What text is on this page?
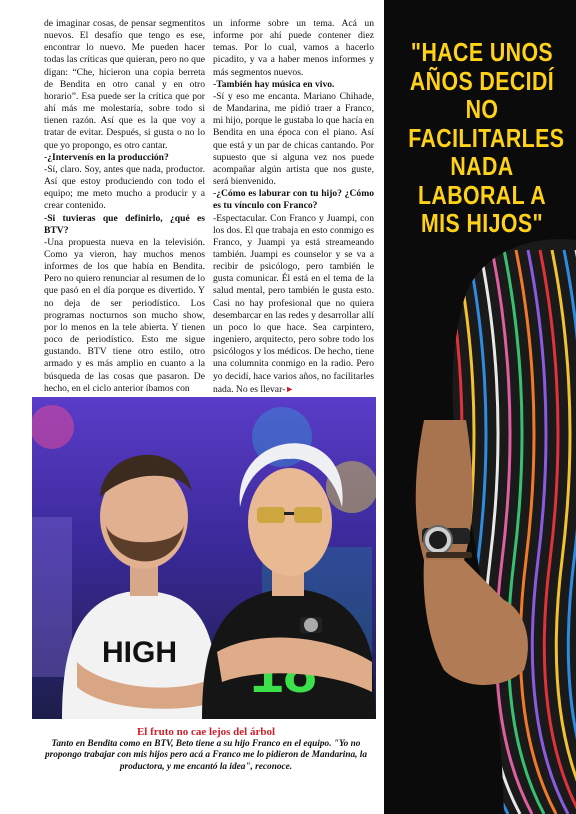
de imaginar cosas, de pensar segmentitos nuevos. El desafío que tengo es ese, encontrar lo nuevo. Me pueden hacer todas las críticas que quieran, pero no que digan: “Che, hicieron una copia berreta de Bendita en otro canal y en otro horario”. Esa puede ser la crítica que por ahí más me molestaría, sobre todo si tienen razón. Así que es la que voy a tratar de evitar. Después, si gusta o no lo que yo propongo, es otro cantar.

-¿Intervenís en la producción?

-Sí, claro. Soy, antes que nada, productor. Así que estoy produciendo con todo el equipo; me meto mucho a producir y a crear contenido.

-Si tuvieras que definirlo, ¿qué es BTV?

-Una propuesta nueva en la televisión. Como ya vieron, hay muchos menos informes de los que había en Bendita. Pero no quiero renunciar al resumen de lo que pasó en el día porque es divertido. Y no deja de ser periodístico. Los programas nocturnos son mucho show, por lo menos en la tele abierta. Y tienen poco de periodístico. Esto me sigue gustando. BTV tiene otro estilo, otro armado y es más amplio en cuanto a la búsqueda de las cosas que pasaron. De hecho, en el ciclo anterior íbamos con

un informe sobre un tema. Acá un informe por ahí puede contener diez temas. Por lo cual, vamos a hacerlo picadito, y va a haber menos informes y más segmentos nuevos.

-También hay música en vivo.

-Sí y eso me encanta. Mariano Chihade, de Mandarina, me pidió traer a Franco, mi hijo, porque le gustaba lo que hacía en Bendita en una época con el piano. Así que está y un par de chicas cantando. Por supuesto que si alguna vez nos puede acompañar algún artista que nos guste, será bienvenido.

-¿Cómo es laburar con tu hijo? ¿Cómo es tu vínculo con Franco?

-Espectacular. Con Franco y Juampi, con los dos. El que trabaja en esto conmigo es Franco, y Juampi ya está streameando también. Juampi es counselor y se va a recibir de psicólogo, pero también le gusta comunicar. Él está en el tema de la salud mental, pero también le gusta esto. Casi no hay profesional que no quiera desembarcar en las redes y desarrollar allí un poco lo que hace. Sea carpintero, ingeniero, arquitecto, pero sobre todo los psicólogos y los médicos. De hecho, tiene una columnita conmigo en la radio. Pero yo decidí, hace varios años, no facilitarles nada. No es llevar-►

"HACE UNOS AÑOS DECIDÍ NO FACILITARLES NADA LABORAL A MIS HIJOS"
HIGH
El fruto no cae lejos del árbol
Tanto en Bendita como en BTV, Beto tiene a su hijo Franco en el equipo. "Yo no propongo trabajar con mis hijos pero acá a Franco me lo pidieron de Mandarina, la productora, y me encantó la idea", reconoce.
